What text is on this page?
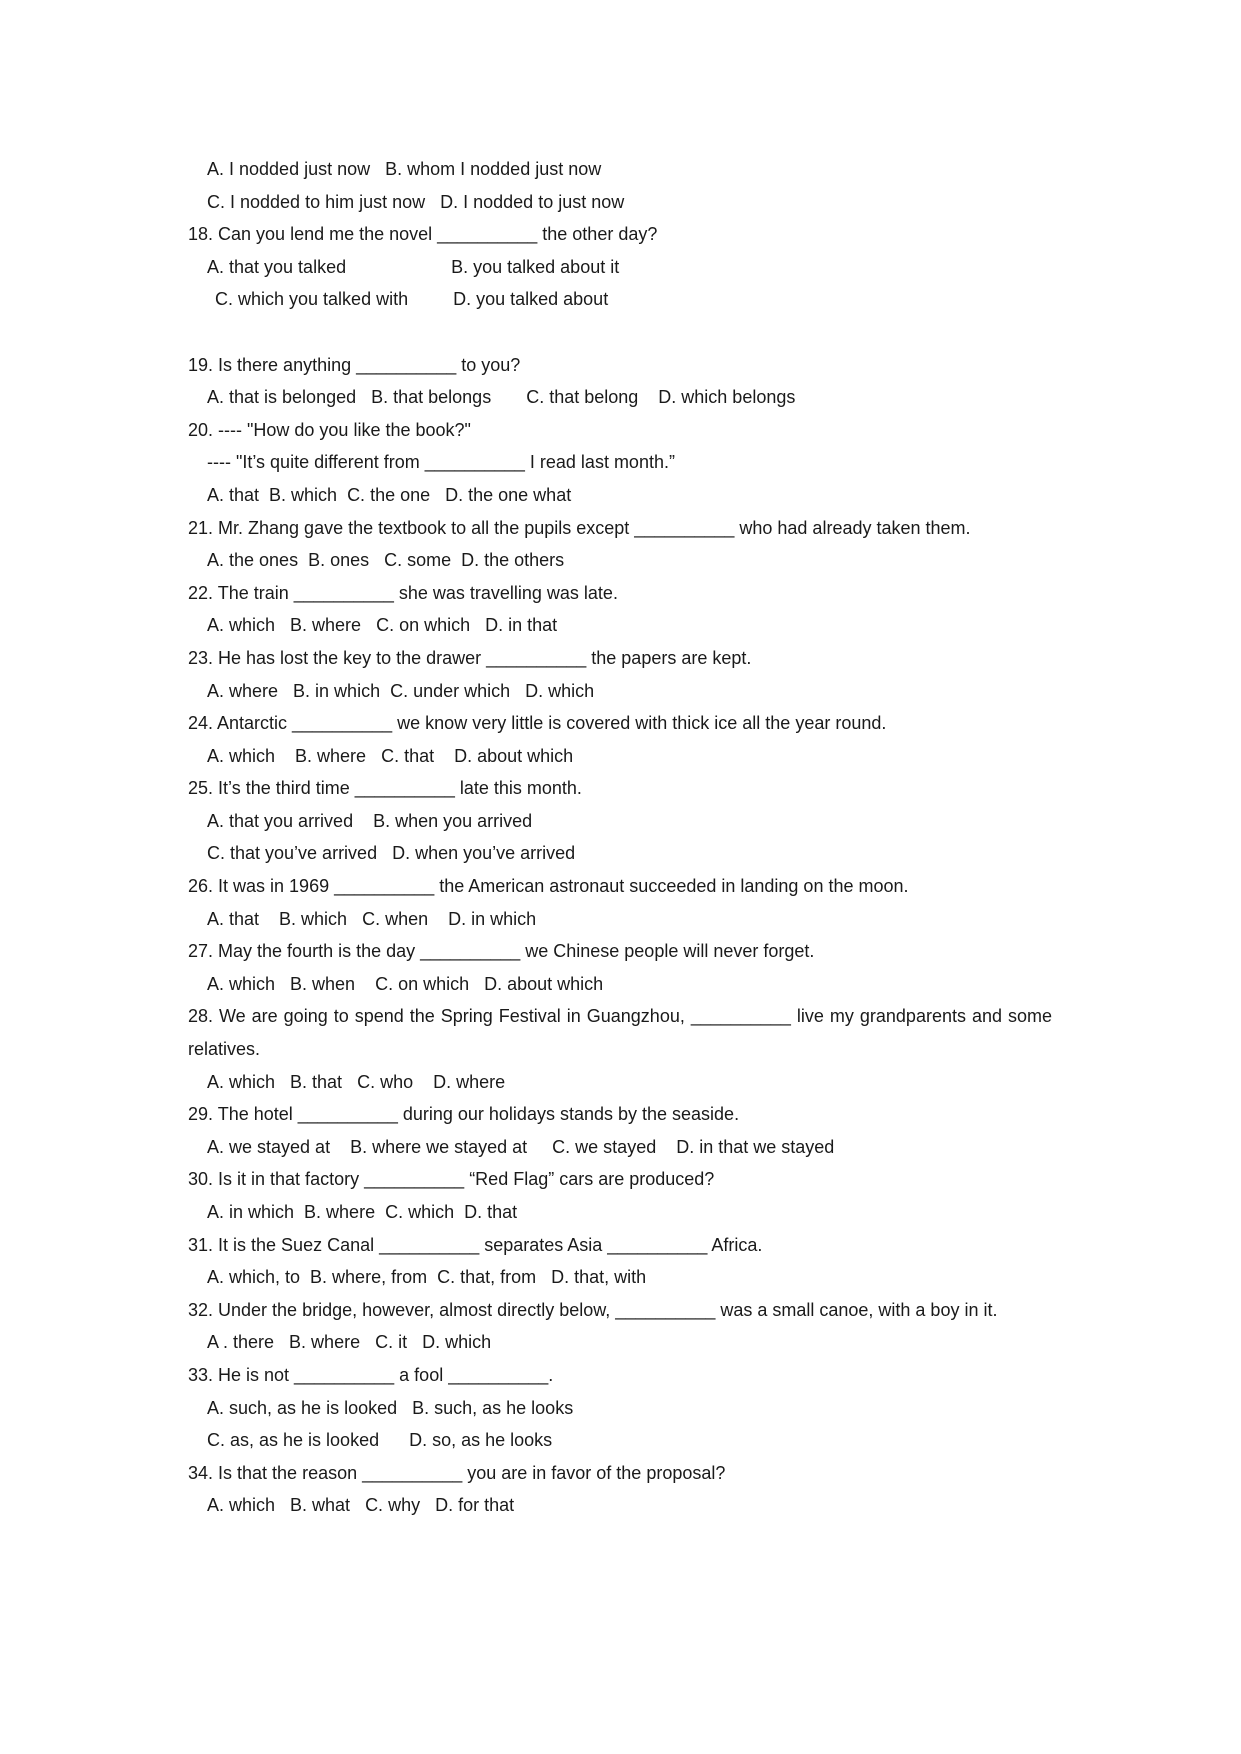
A. I nodded just now   B. whom I nodded just now
C. I nodded to him just now   D. I nodded to just now
18. Can you lend me the novel __________ the other day?
A. that you talked                     B. you talked about it
C. which you talked with         D. you talked about
19. Is there anything __________ to you?
A. that is belonged   B. that belongs       C. that belong    D. which belongs
20. ---- "How do you like the book?"
---- "It’s quite different from __________ I read last month.”
A. that  B. which  C. the one   D. the one what
21. Mr. Zhang gave the textbook to all the pupils except __________ who had already taken them.
A. the ones  B. ones   C. some  D. the others
22. The train __________ she was travelling was late.
A. which   B. where   C. on which   D. in that
23. He has lost the key to the drawer __________ the papers are kept.
A. where   B. in which  C. under which   D. which
24. Antarctic __________ we know very little is covered with thick ice all the year round.
A. which    B. where   C. that    D. about which
25. It’s the third time __________ late this month.
A. that you arrived    B. when you arrived
C. that you’ve arrived   D. when you’ve arrived
26. It was in 1969 __________ the American astronaut succeeded in landing on the moon.
A. that    B. which   C. when    D. in which
27. May the fourth is the day __________ we Chinese people will never forget.
A. which   B. when    C. on which   D. about which
28. We are going to spend the Spring Festival in Guangzhou, __________ live my grandparents and some relatives.
A. which   B. that   C. who    D. where
29. The hotel __________ during our holidays stands by the seaside.
A. we stayed at    B. where we stayed at     C. we stayed    D. in that we stayed
30. Is it in that factory __________ “Red Flag” cars are produced?
A. in which  B. where  C. which  D. that
31. It is the Suez Canal __________ separates Asia __________ Africa.
A. which, to  B. where, from  C. that, from   D. that, with
32. Under the bridge, however, almost directly below, __________ was a small canoe, with a boy in it.
A . there   B. where   C. it   D. which
33. He is not __________ a fool __________.
A. such, as he is looked   B. such, as he looks
C. as, as he is looked      D. so, as he looks
34. Is that the reason __________ you are in favor of the proposal?
A. which   B. what   C. why   D. for that
